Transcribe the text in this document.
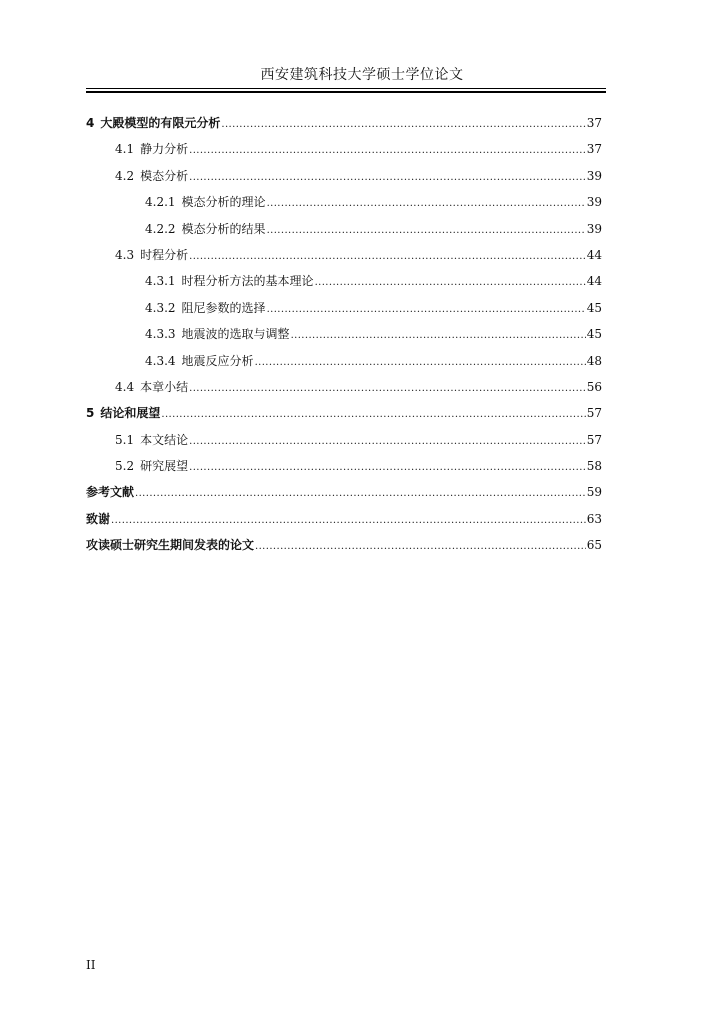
西安建筑科技大学硕士学位论文
4 大殿模型的有限元分析 .....	37
4.1 静力分析 .....	37
4.2 模态分析 .....	39
4.2.1 模态分析的理论 .....	39
4.2.2 模态分析的结果 .....	39
4.3 时程分析 .....	44
4.3.1 时程分析方法的基本理论 .....	44
4.3.2 阻尼参数的选择 .....	45
4.3.3 地震波的选取与调整 .....	45
4.3.4 地震反应分析 .....	48
4.4 本章小结 .....	56
5 结论和展望 .....	57
5.1 本文结论 .....	57
5.2 研究展望 .....	58
参考文献 .....	59
致谢 .....	63
攻读硕士研究生期间发表的论文 .....	65
II
